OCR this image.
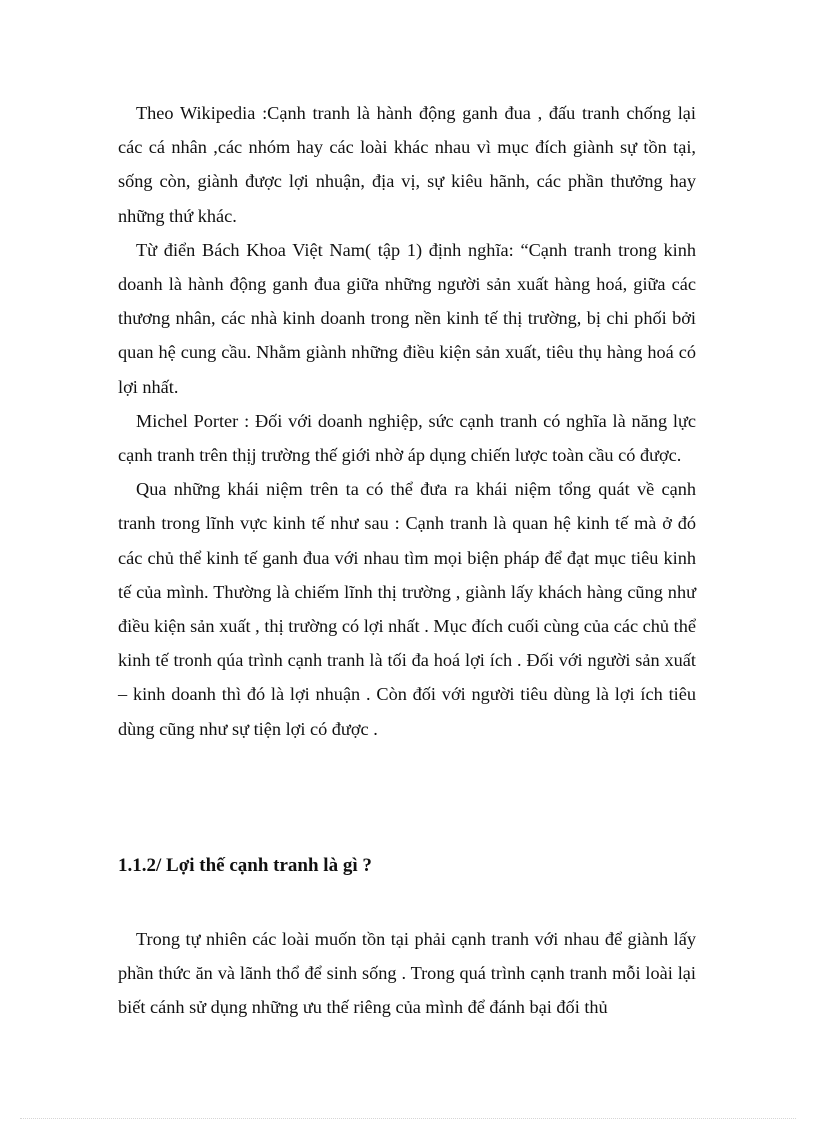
Theo Wikipedia :Cạnh tranh là hành động ganh đua , đấu tranh chống lại các cá nhân ,các nhóm hay các loài khác nhau vì mục đích giành sự tồn tại, sống còn, giành được lợi nhuận, địa vị, sự kiêu hãnh, các phần thưởng hay những thứ khác.

Từ điển Bách Khoa Việt Nam( tập 1) định nghĩa: “Cạnh tranh trong kinh doanh là hành động ganh đua giữa những người sản xuất hàng hoá, giữa các thương nhân, các nhà kinh doanh trong nền kinh tế thị trường, bị chi phối bởi quan hệ cung cầu. Nhằm giành những điều kiện sản xuất, tiêu thụ hàng hoá có lợi nhất.

Michel Porter : Đối với doanh nghiệp, sức cạnh tranh có nghĩa là năng lực cạnh tranh trên thịj trường thế giới nhờ áp dụng chiến lược toàn cầu có được.

Qua những khái niệm trên ta có thể đưa ra khái niệm tổng quát về cạnh tranh trong lĩnh vực kinh tế như sau : Cạnh tranh là quan hệ kinh tế mà ở đó các chủ thể kinh tế ganh đua với nhau tìm mọi biện pháp để đạt mục tiêu kinh tế của mình. Thường là chiếm lĩnh thị trường , giành lấy khách hàng cũng như điều kiện sản xuất , thị trường có lợi nhất . Mục đích cuối cùng của các chủ thể kinh tế tronh qúa trình cạnh tranh là tối đa hoá lợi ích . Đối với người sản xuất – kinh doanh thì đó là lợi nhuận . Còn đối với người tiêu dùng là lợi ích tiêu dùng cũng như sự tiện lợi có được .

1.1.2/ Lợi thế cạnh tranh là gì ?

Trong tự nhiên các loài muốn tồn tại phải cạnh tranh với nhau để giành lấy phần thức ăn và lãnh thổ để sinh sống . Trong quá trình cạnh tranh mỗi loài lại biết cánh sử dụng những ưu thế riêng của mình để đánh bại đối thủ
